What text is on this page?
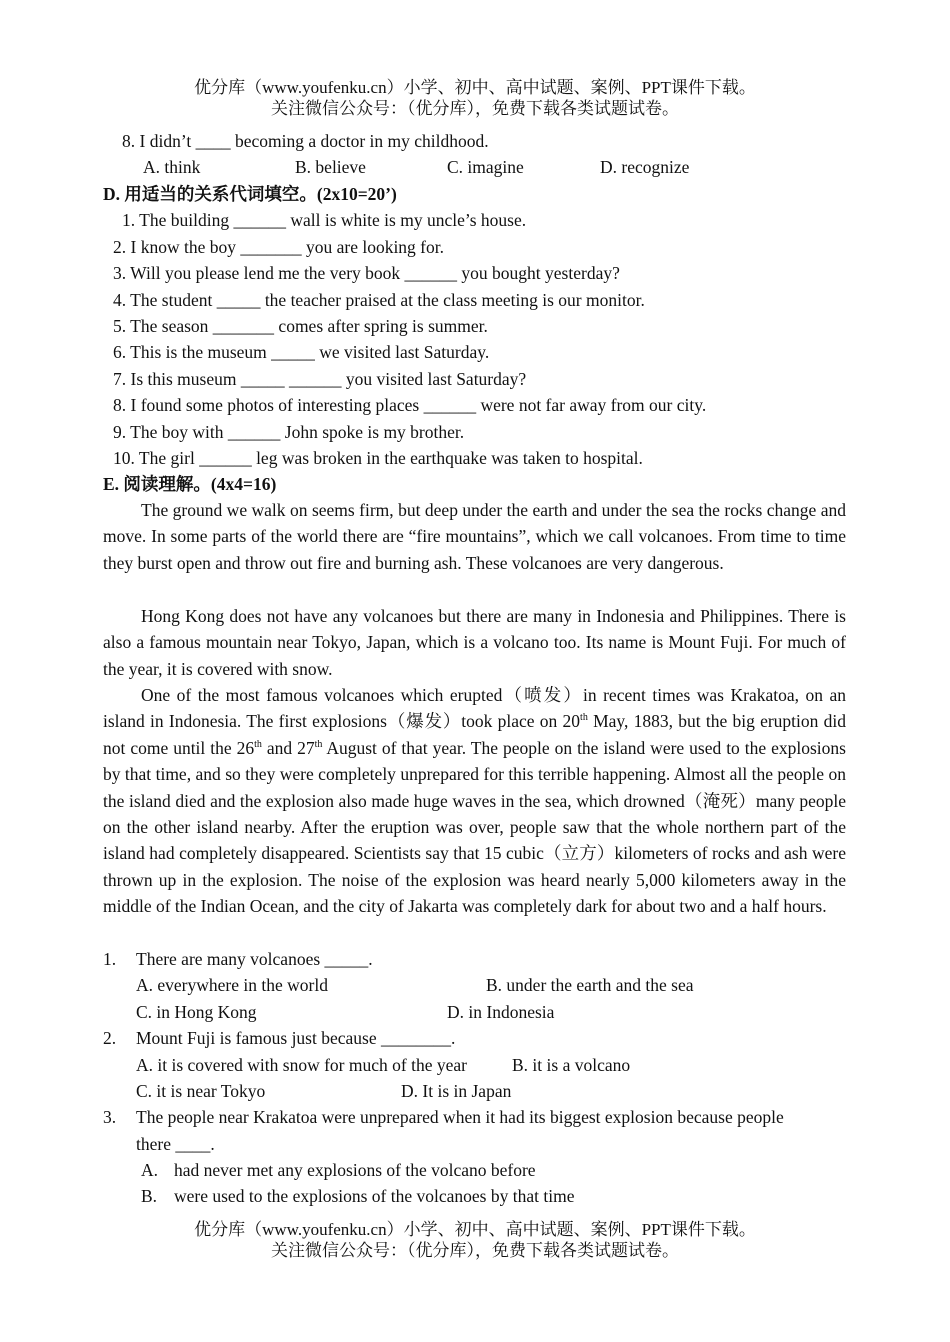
优分库（www.youfenku.cn）小学、初中、高中试题、案例、PPT课件下载。
关注微信公众号：（优分库），免费下载各类试题试卷。
8. I didn’t ____ becoming a doctor in my childhood.
A. think	B. believe	C. imagine	D. recognize
D. 用适当的关系代词填空。(2x10=20’)
1. The building ______ wall is white is my uncle’s house.
2. I know the boy _______ you are looking for.
3. Will you please lend me the very book ______ you bought yesterday?
4. The student _____ the teacher praised at the class meeting is our monitor.
5. The season _______ comes after spring is summer.
6. This is the museum _____ we visited last Saturday.
7. Is this museum _____ ______ you visited last Saturday?
8. I found some photos of interesting places ______ were not far away from our city.
9. The boy with ______ John spoke is my brother.
10. The girl ______ leg was broken in the earthquake was taken to hospital.
E. 阅读理解。(4x4=16)
The ground we walk on seems firm, but deep under the earth and under the sea the rocks change and move. In some parts of the world there are “fire mountains”, which we call volcanoes. From time to time they burst open and throw out fire and burning ash. These volcanoes are very dangerous.
Hong Kong does not have any volcanoes but there are many in Indonesia and Philippines. There is also a famous mountain near Tokyo, Japan, which is a volcano too. Its name is Mount Fuji. For much of the year, it is covered with snow.
One of the most famous volcanoes which erupted（喷发）in recent times was Krakatoa, on an island in Indonesia. The first explosions（爆发）took place on 20th May, 1883, but the big eruption did not come until the 26th and 27th August of that year. The people on the island were used to the explosions by that time, and so they were completely unprepared for this terrible happening. Almost all the people on the island died and the explosion also made huge waves in the sea, which drowned（淹死）many people on the other island nearby. After the eruption was over, people saw that the whole northern part of the island had completely disappeared. Scientists say that 15 cubic（立方）kilometers of rocks and ash were thrown up in the explosion. The noise of the explosion was heard nearly 5,000 kilometers away in the middle of the Indian Ocean, and the city of Jakarta was completely dark for about two and a half hours.
1. There are many volcanoes _____.
A. everywhere in the world	B. under the earth and the sea
C. in Hong Kong	D. in Indonesia
2. Mount Fuji is famous just because ________.
A. it is covered with snow for much of the year	B. it is a volcano
C. it is near Tokyo	D. It is in Japan
3. The people near Krakatoa were unprepared when it had its biggest explosion because people
there ____.
A. had never met any explosions of the volcano before
B. were used to the explosions of the volcanoes by that time
优分库（www.youfenku.cn）小学、初中、高中试题、案例、PPT课件下载。
关注微信公众号：（优分库），免费下载各类试题试卷。
